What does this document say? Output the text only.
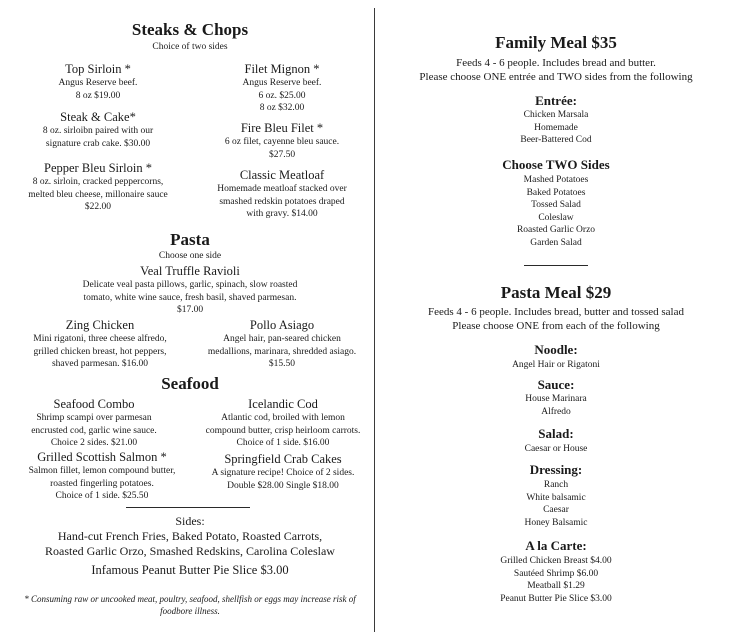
Steaks & Chops
Choice of two sides
Top Sirloin *
Angus Reserve beef.
8 oz $19.00
Filet Mignon *
Angus Reserve beef.
6 oz. $25.00
8 oz $32.00
Steak & Cake*
8 oz. sirloibn paired with our
signature crab cake. $30.00
Fire Bleu Filet *
6 oz filet, cayenne bleu sauce.
$27.50
Pepper Bleu Sirloin *
8 oz. sirloin, cracked peppercorns,
melted bleu cheese, millonaire sauce
$22.00
Classic Meatloaf
Homemade meatloaf stacked over
smashed redskin potatoes draped
with gravy. $14.00
Pasta
Choose one side
Veal Truffle Ravioli
Delicate veal pasta pillows, garlic, spinach, slow roasted
tomato, white wine sauce, fresh basil, shaved parmesan.
$17.00
Zing Chicken
Mini rigatoni, three cheese alfredo,
grilled chicken breast, hot peppers,
shaved parmesan. $16.00
Pollo Asiago
Angel hair, pan-seared chicken
medallions, marinara, shredded asiago.
$15.50
Seafood
Seafood Combo
Shrimp scampi over parmesan
encrusted cod, garlic wine sauce.
Choice 2 sides. $21.00
Icelandic Cod
Atlantic cod, broiled with lemon
compound butter, crisp heirloom carrots.
Choice of 1 side. $16.00
Grilled Scottish Salmon *
Salmon fillet, lemon compound butter,
roasted fingerling potatoes.
Choice of 1 side. $25.50
Springfield Crab Cakes
A signature recipe! Choice of 2 sides.
Double $28.00 Single $18.00
Sides:
Hand-cut French Fries, Baked Potato, Roasted Carrots,
Roasted Garlic Orzo, Smashed Redskins, Carolina Coleslaw
Infamous Peanut Butter Pie Slice $3.00
* Consuming raw or uncooked meat, poultry, seafood, shellfish or eggs may increase risk of
foodbore illness.
Family Meal $35
Feeds 4 - 6 people. Includes bread and butter.
Please choose ONE entrée and TWO sides from the following
Entrée:
Chicken Marsala
Homemade
Beer-Battered Cod
Choose TWO Sides
Mashed Potatoes
Baked Potatoes
Tossed Salad
Coleslaw
Roasted Garlic Orzo
Garden Salad
Pasta Meal $29
Feeds 4 - 6 people. Includes bread, butter and tossed salad
Please choose ONE from each of the following
Noodle:
Angel Hair or Rigatoni
Sauce:
House Marinara
Alfredo
Salad:
Caesar or House
Dressing:
Ranch
White balsamic
Caesar
Honey Balsamic
A la Carte:
Grilled Chicken Breast $4.00
Sautéed Shrimp $6.00
Meatball $1.29
Peanut Butter Pie Slice $3.00
